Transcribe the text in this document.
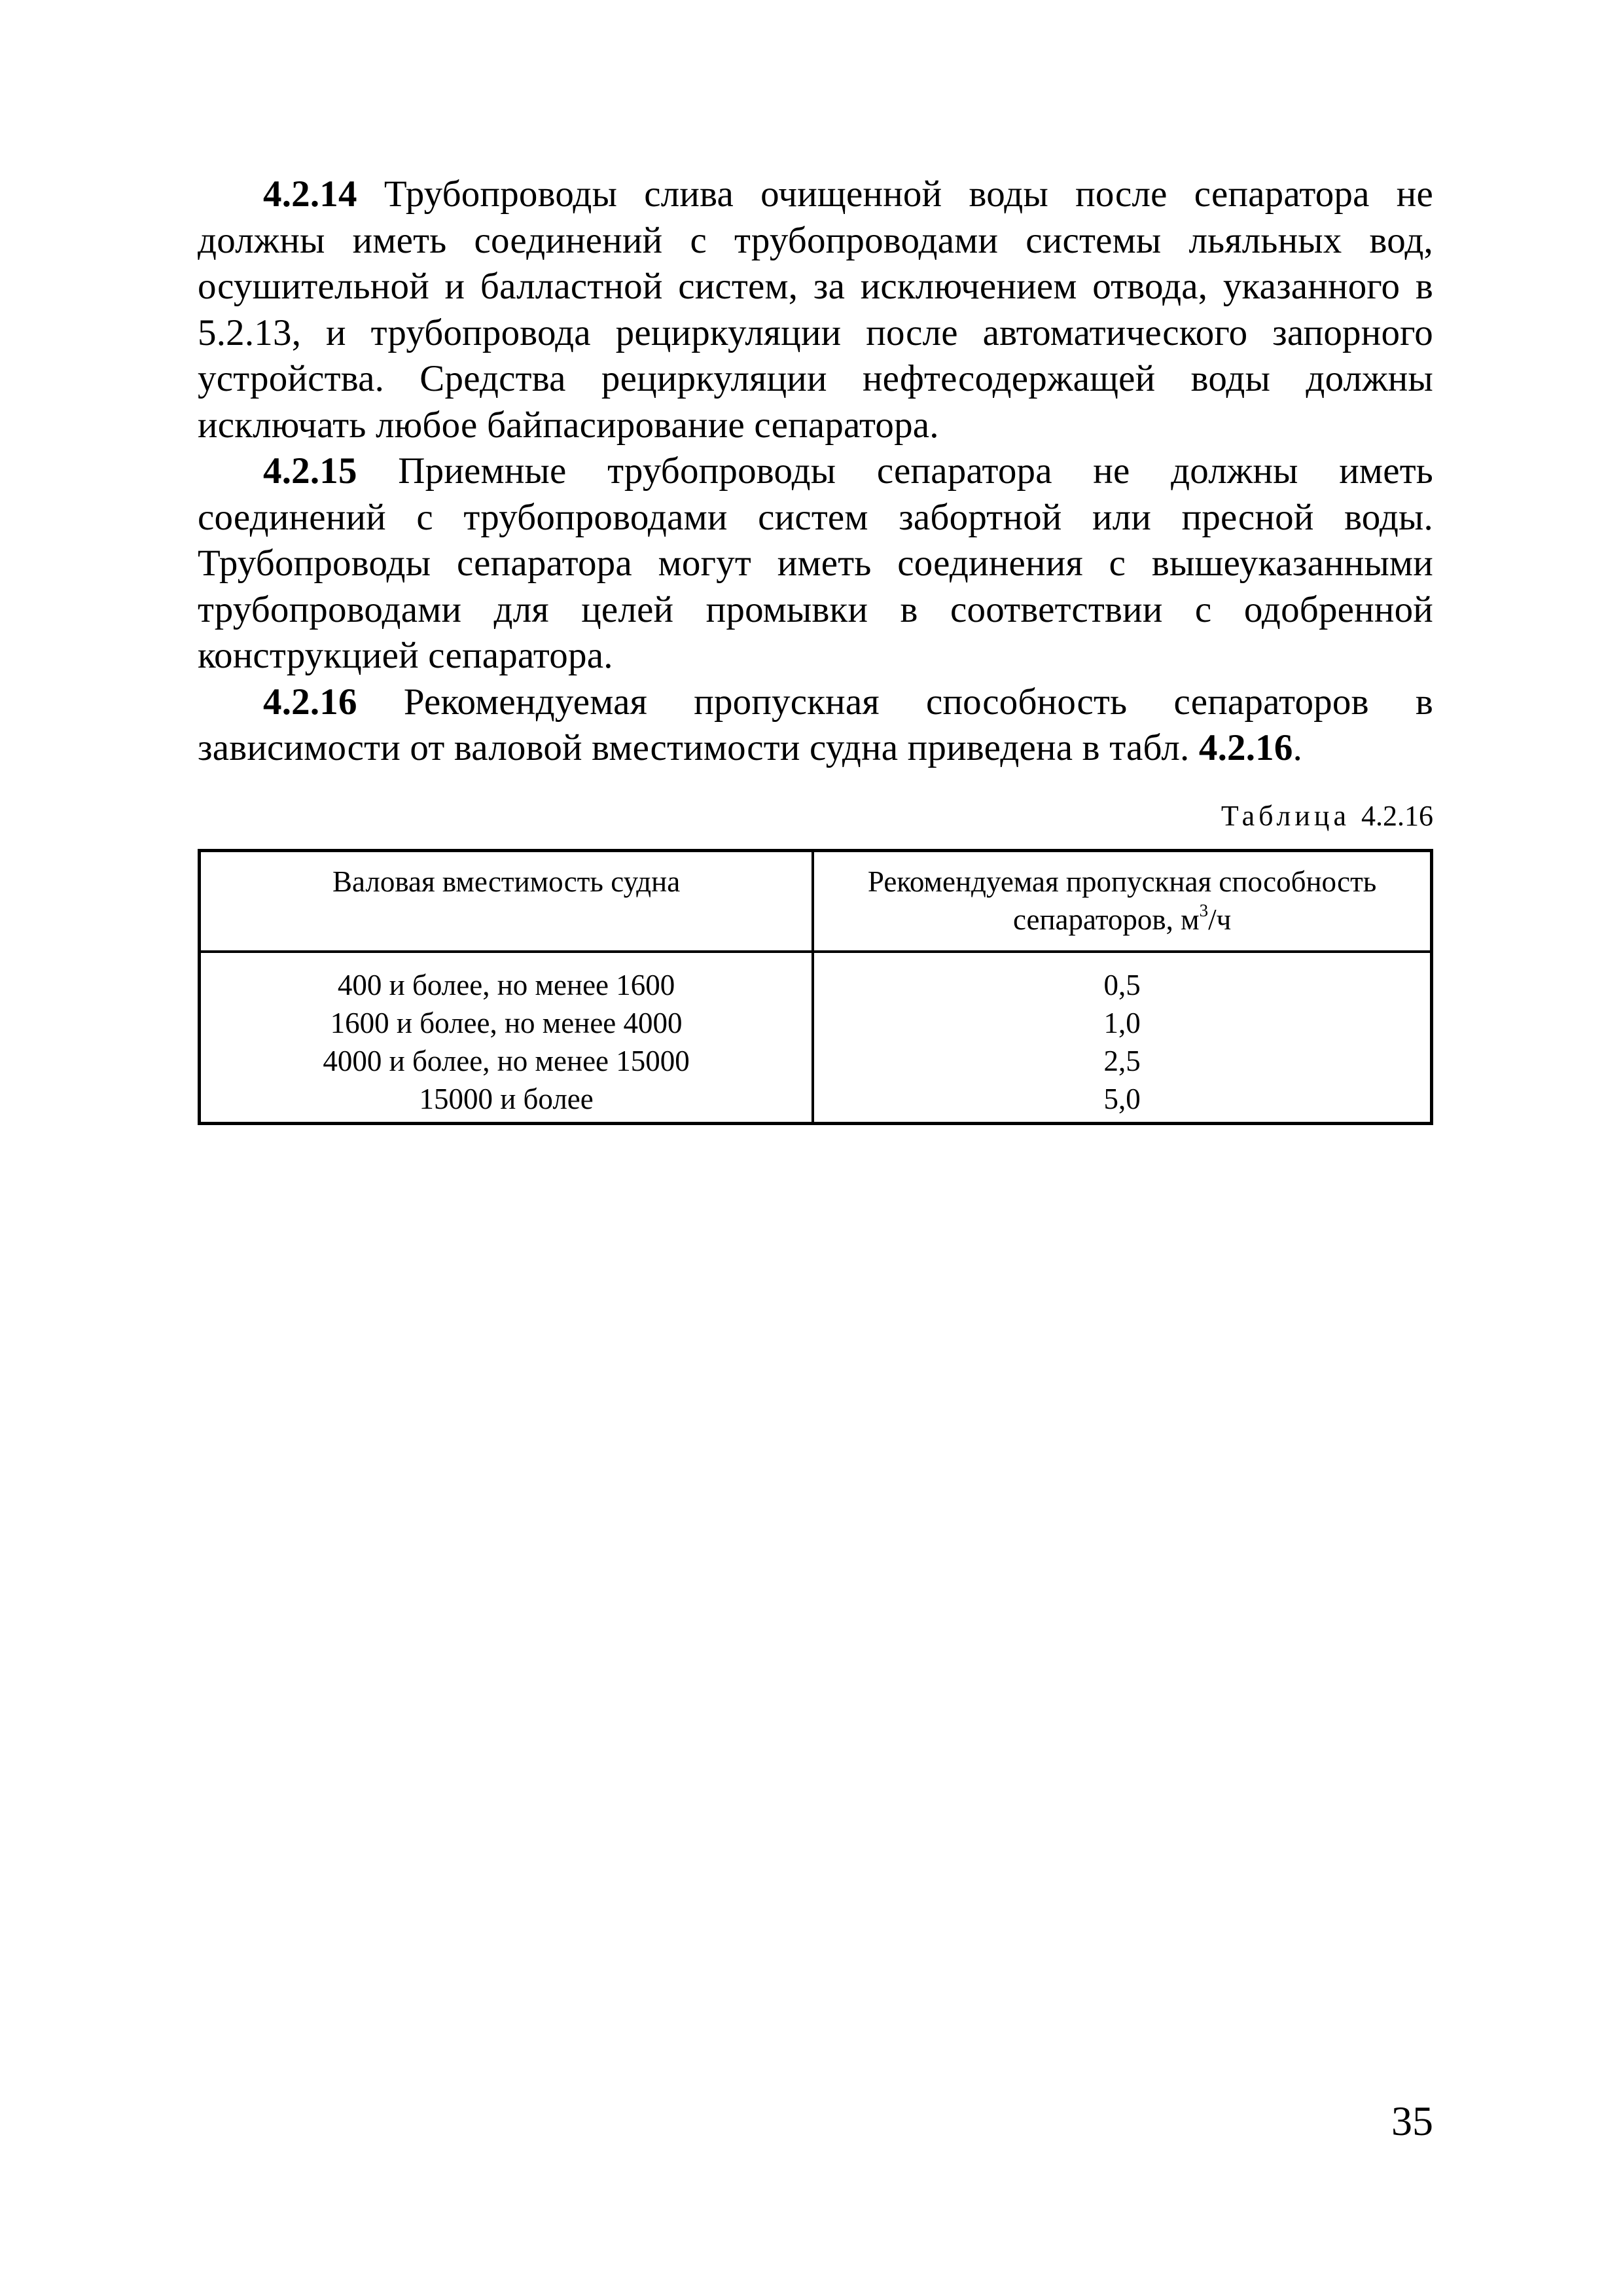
4.2.14 Трубопроводы слива очищенной воды после сепаратора не должны иметь соединений с трубопроводами системы льяльных вод, осушительной и балластной систем, за исключением отвода, указанного в 5.2.13, и трубопровода рециркуляции после автоматического запорного устройства. Средства рециркуляции нефтесодержащей воды должны исключать любое байпасирование сепаратора.

4.2.15 Приемные трубопроводы сепаратора не должны иметь соединений с трубопроводами систем забортной или пресной воды. Трубопроводы сепаратора могут иметь соединения с вышеуказанными трубопроводами для целей промывки в соответствии с одобренной конструкцией сепаратора.

4.2.16 Рекомендуемая пропускная способность сепараторов в зависимости от валовой вместимости судна приведена в табл. 4.2.16.

Таблица 4.2.16
Валовая вместимость судна	Рекомендуемая пропускная способность
сепараторов, $м^3/ч$
400 и более, но менее 1600	0,5
1600 и более, но менее 4000	1,0
4000 и более, но менее 15000	2,5
15000 и более	5,0
35
